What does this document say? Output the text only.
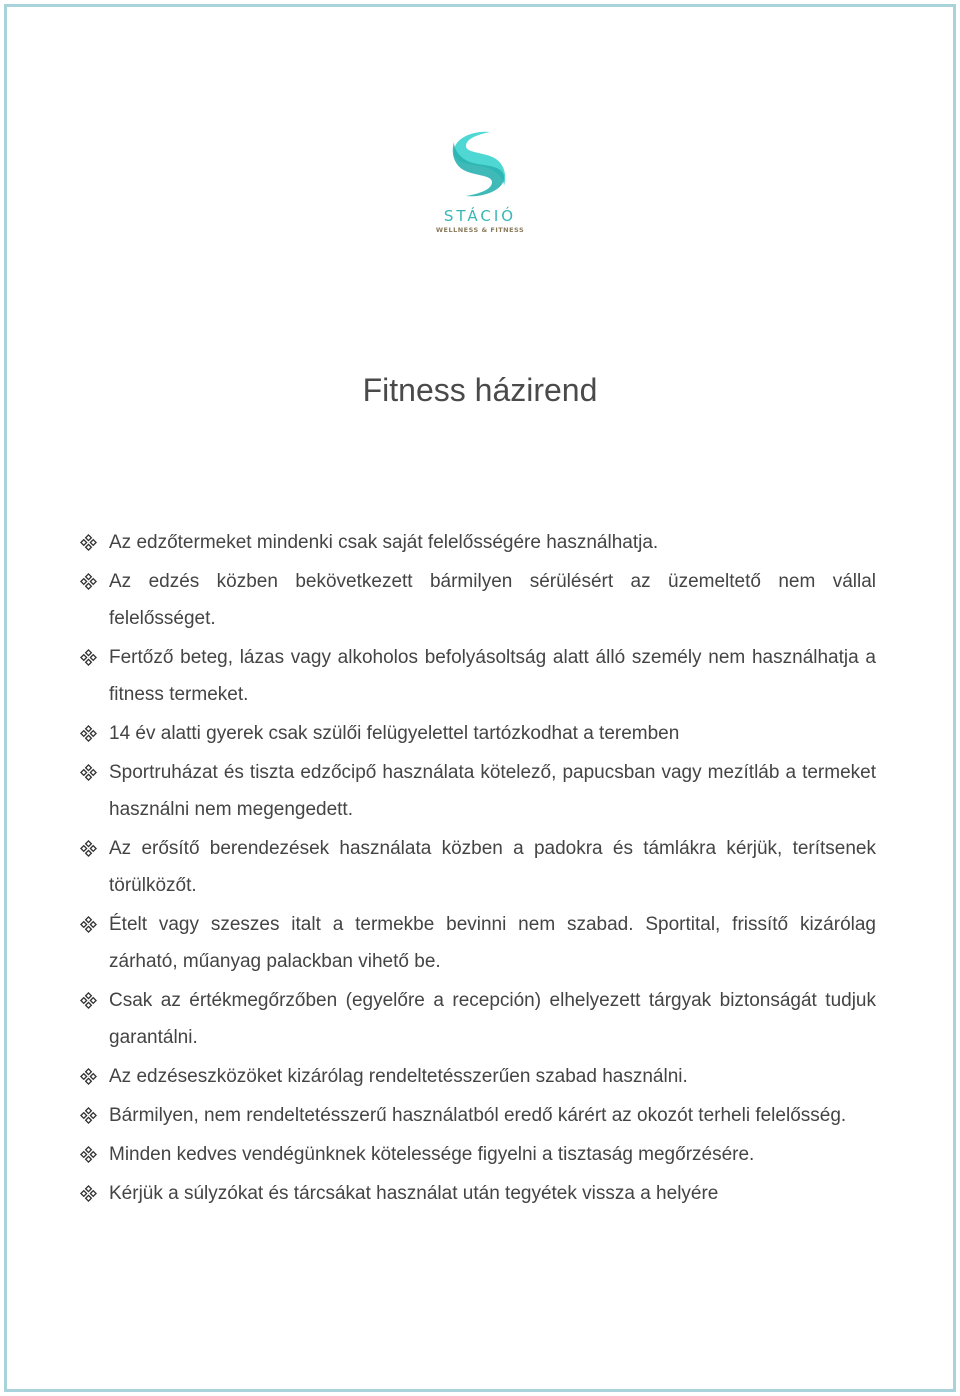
STÁCIÓ
WELLNESS & FITNESS
Fitness házirend
Az edzőtermeket mindenki csak saját felelősségére használhatja.
Az edzés közben bekövetkezett bármilyen sérülésért az üzemeltető nem vállal felelősséget.
Fertőző beteg, lázas vagy alkoholos befolyásoltság alatt álló személy nem használhatja a fitness termeket.
14 év alatti gyerek csak szülői felügyelettel tartózkodhat a teremben
Sportruházat és tiszta edzőcipő használata kötelező, papucsban vagy mezítláb a termeket használni nem megengedett.
Az erősítő berendezések használata közben a padokra és támlákra kérjük, terítsenek törülközőt.
Ételt vagy szeszes italt a termekbe bevinni nem szabad. Sportital, frissítő kizárólag zárható, műanyag palackban vihető be.
Csak az értékmegőrzőben (egyelőre a recepción) elhelyezett tárgyak biztonságát tudjuk garantálni.
Az edzéseszközöket kizárólag rendeltetésszerűen szabad használni.
Bármilyen, nem rendeltetésszerű használatból eredő kárért az okozót terheli felelősség.
Minden kedves vendégünknek kötelessége figyelni a tisztaság megőrzésére.
Kérjük a súlyzókat és tárcsákat használat után tegyétek vissza a helyére
